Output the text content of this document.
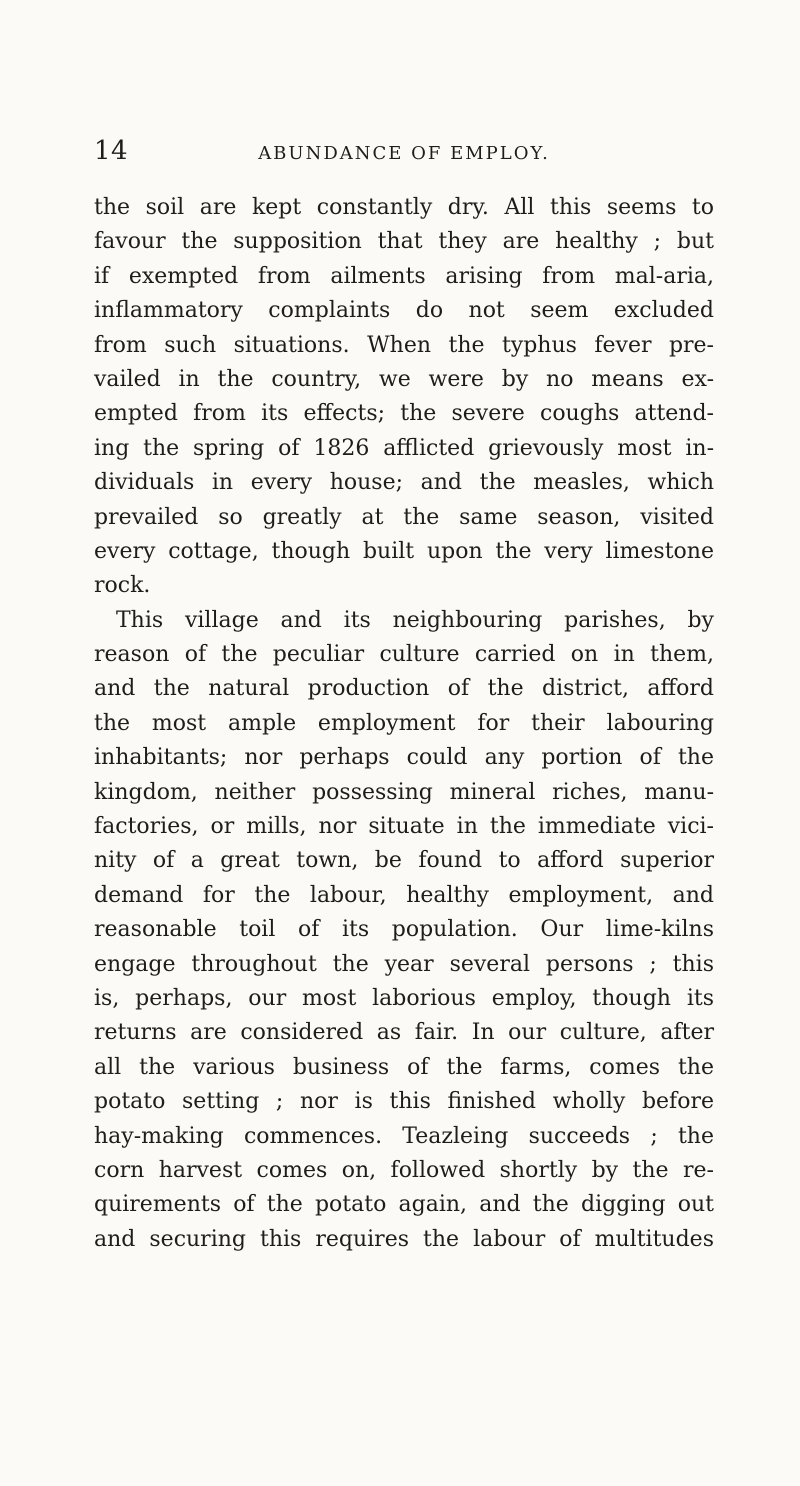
14	ABUNDANCE OF EMPLOY.
the soil are kept constantly dry. All this seems to
favour the supposition that they are healthy ; but
if exempted from ailments arising from mal-aria,
inflammatory complaints do not seem excluded
from such situations. When the typhus fever pre-
vailed in the country, we were by no means ex-
empted from its effects; the severe coughs attend-
ing the spring of 1826 afflicted grievously most in-
dividuals in every house; and the measles, which
prevailed so greatly at the same season, visited
every cottage, though built upon the very limestone
rock.
This village and its neighbouring parishes, by
reason of the peculiar culture carried on in them,
and the natural production of the district, afford
the most ample employment for their labouring
inhabitants; nor perhaps could any portion of the
kingdom, neither possessing mineral riches, manu-
factories, or mills, nor situate in the immediate vici-
nity of a great town, be found to afford superior
demand for the labour, healthy employment, and
reasonable toil of its population. Our lime-kilns
engage throughout the year several persons ; this
is, perhaps, our most laborious employ, though its
returns are considered as fair. In our culture, after
all the various business of the farms, comes the
potato setting ; nor is this finished wholly before
hay-making commences. Teazleing succeeds ; the
corn harvest comes on, followed shortly by the re-
quirements of the potato again, and the digging out
and securing this requires the labour of multitudes
